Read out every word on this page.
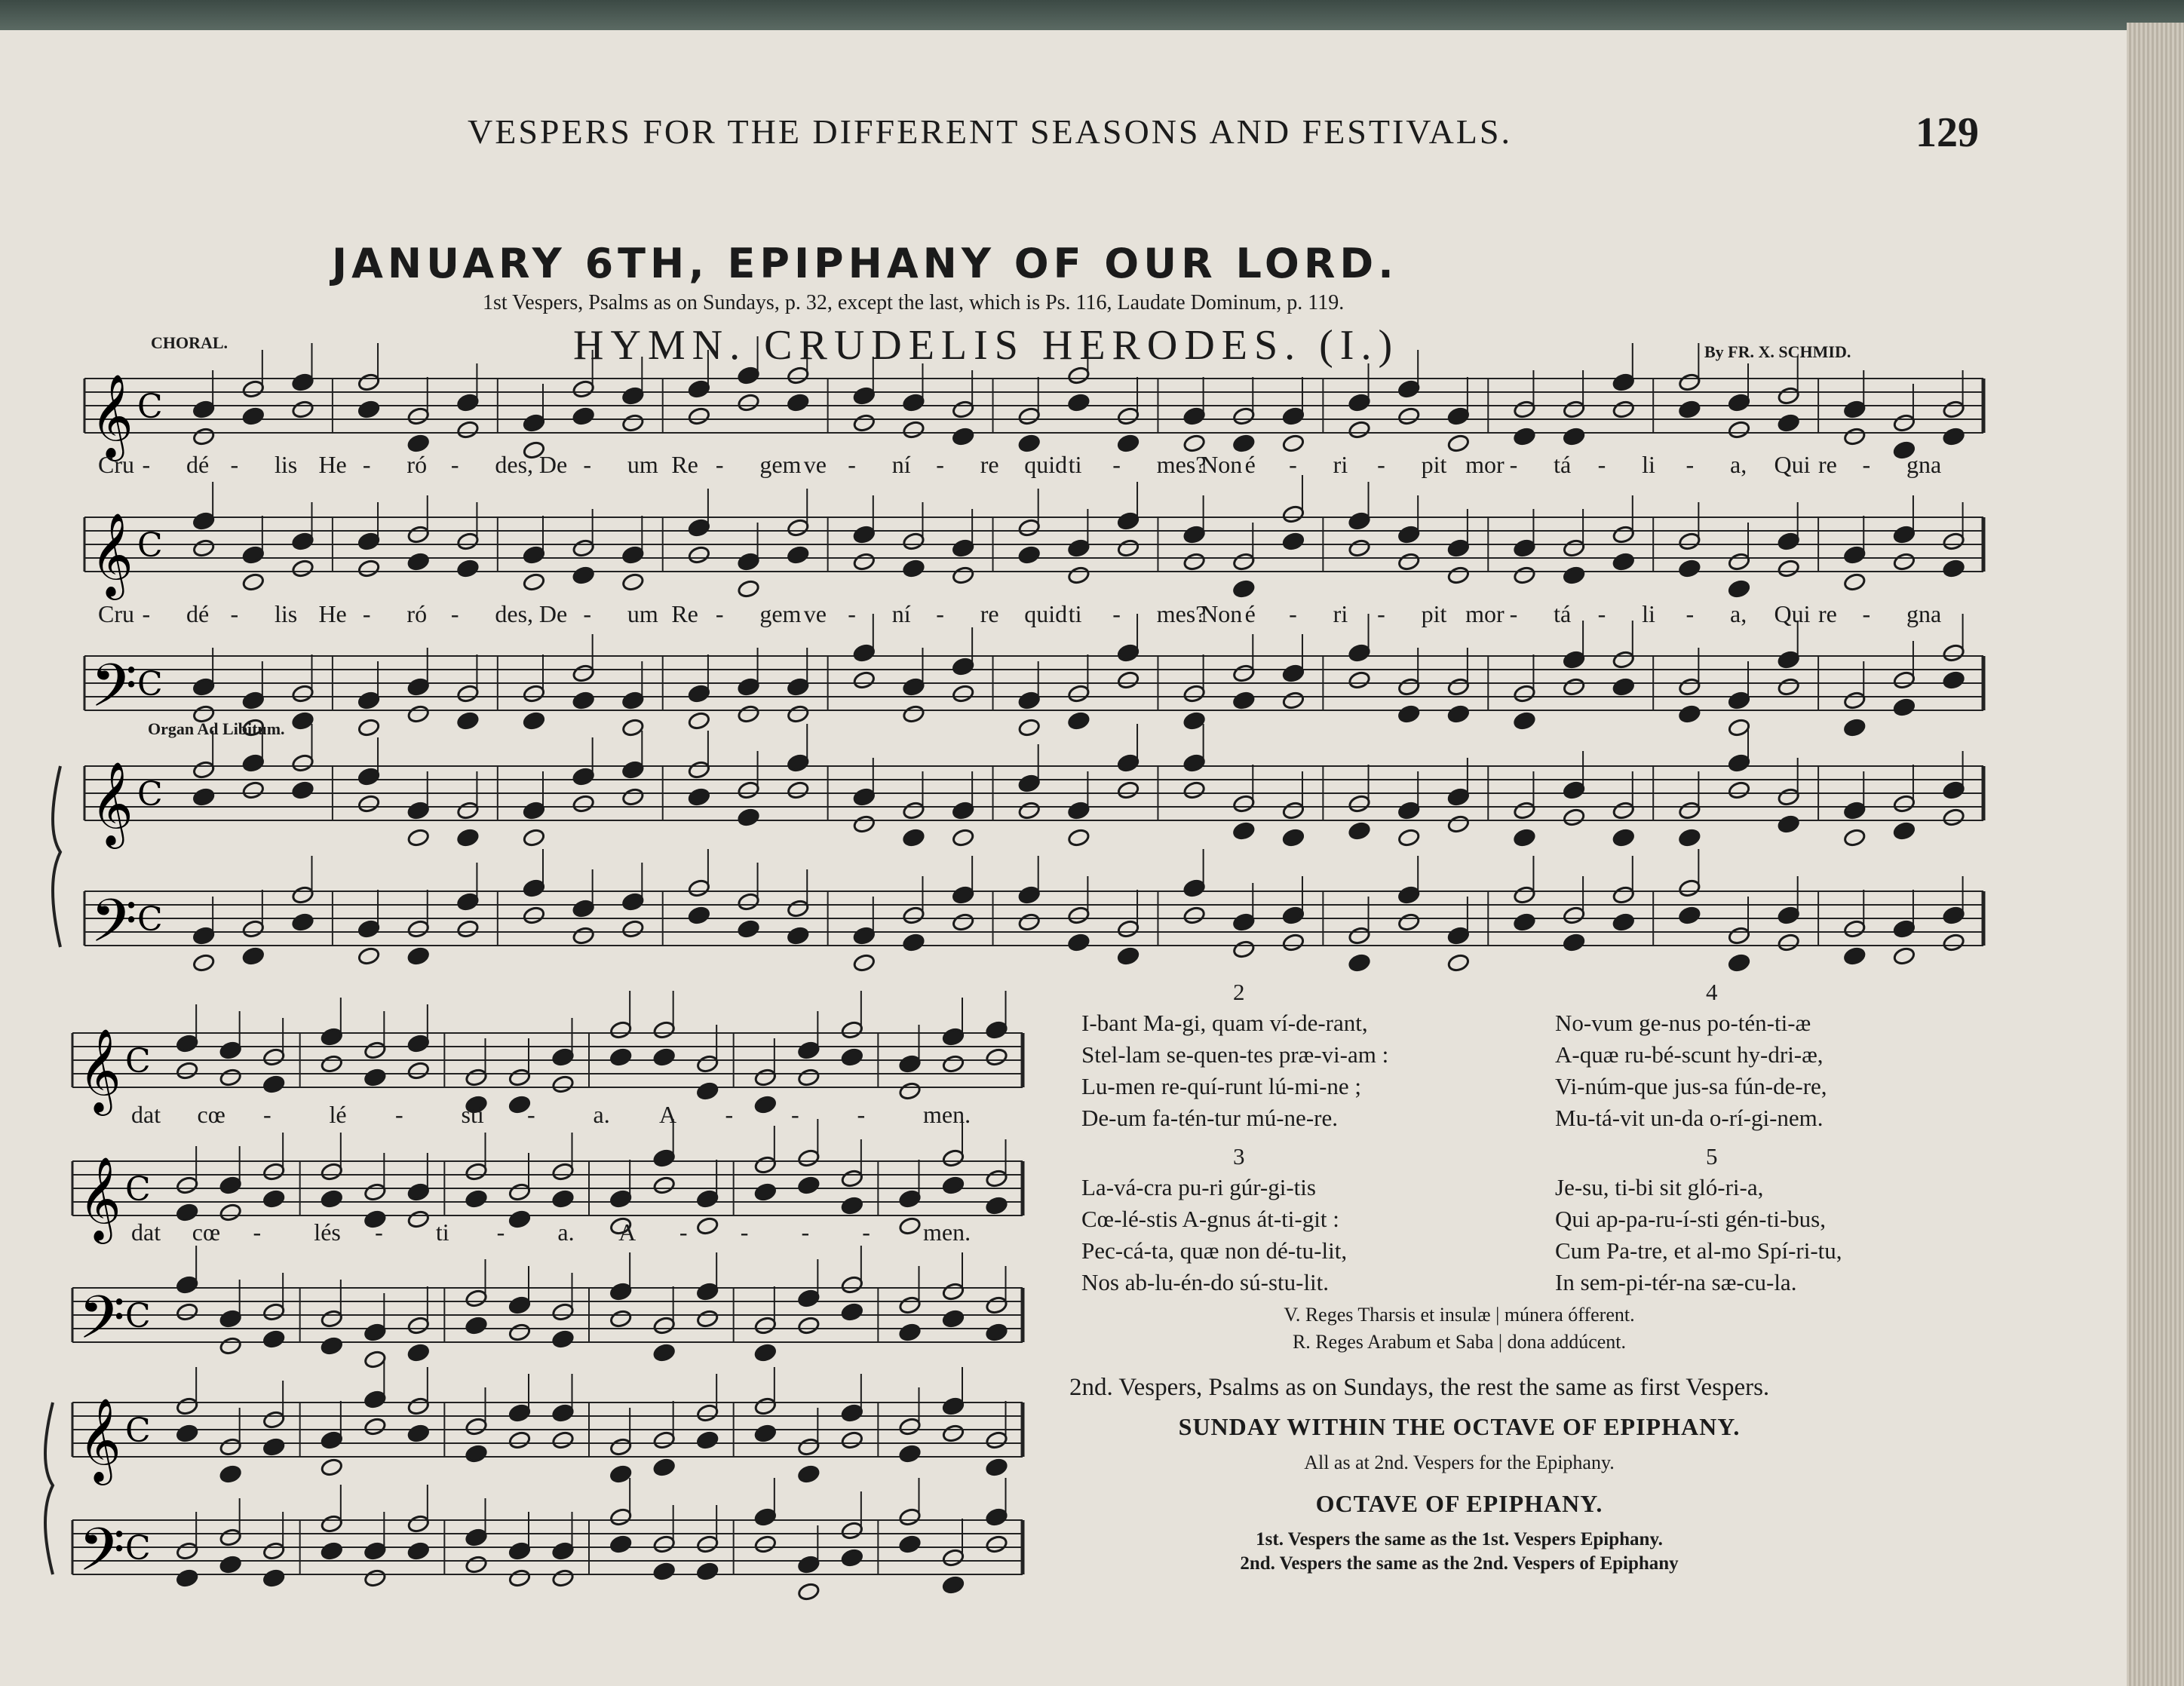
VESPERS FOR THE DIFFERENT SEASONS AND FESTIVALS.	129
JANUARY 6TH, EPIPHANY OF OUR LORD.
1st Vespers, Psalms as on Sundays, p. 32, except the last, which is Ps. 116, Laudate Dominum, p. 119.
HYMN. CRUDELIS HERODES. (I.)	By FR. X. SCHMID.
CHORAL.
Organ Ad Libitum.
𝄞 C
𝄞 C
𝄢 C
𝄞 C
𝄢 C
𝄞 C
𝄞 C
𝄢 C
𝄞 C
𝄢 C
Cru - dé - lis He - ró - des, De - um Re - gem ve - ní - re quid ti - mes?
Non é - ri - pit mor - tá - li - a, Qui re - gna
Cru - dé - lis He - ró - des, De - um Re - gem ve - ní - re quid ti - mes?
Non é - ri - pit mor - tá - li - a, Qui re - gna
dat cœ - lé - sti - a. A - - - men.
dat cœ - lés - ti - a. A - - - - men.
2
I-bant Ma-gi, quam ví-de-rant,
Stel-lam se-quen-tes præ-vi-am :
Lu-men re-quí-runt lú-mi-ne ;
De-um fa-tén-tur mú-ne-re.
3
La-vá-cra pu-ri gúr-gi-tis
Cœ-lé-stis A-gnus át-ti-git :
Pec-cá-ta, quæ non dé-tu-lit,
Nos ab-lu-én-do sú-stu-lit.
4
No-vum ge-nus po-tén-ti-æ
A-quæ ru-bé-scunt hy-dri-æ,
Vi-núm-que jus-sa fún-de-re,
Mu-tá-vit un-da o-rí-gi-nem.
5
Je-su, ti-bi sit gló-ri-a,
Qui ap-pa-ru-í-sti gén-ti-bus,
Cum Pa-tre, et al-mo Spí-ri-tu,
In sem-pi-tér-na sæ-cu-la.
V. Reges Tharsis et insulæ | múnera ófferent.
R. Reges Arabum et Saba | dona addúcent.
2nd. Vespers, Psalms as on Sundays, the rest the same as first Vespers.
SUNDAY WITHIN THE OCTAVE OF EPIPHANY.
All as at 2nd. Vespers for the Epiphany.
OCTAVE OF EPIPHANY.
1st. Vespers the same as the 1st. Vespers Epiphany.
2nd. Vespers the same as the 2nd. Vespers of Epiphany
